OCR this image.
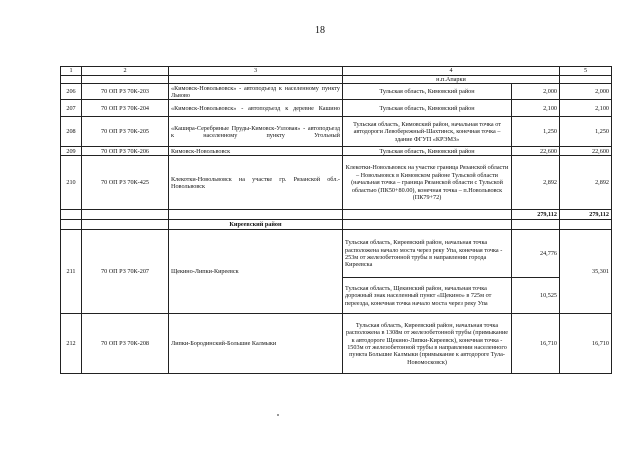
18
1	2	3	4		5
			н.п.Апарки		
206	70 ОП РЗ 70К-203	«Кимовск-Новольвовск» - автоподъезд к населенному пункту Львово	Тульская область, Кимовский район	2,000	2,000
207	70 ОП РЗ 70К-204	«Кимовск-Новольвовск» - автоподъезд к деревне Кашино	Тульская область, Кимовский район	2,100	2,100
208	70 ОП РЗ 70К-205	«Кашира-Серебряные Пруды-Кимовск-Узловая» - автоподъезд к населенному пункту Угольный	Тульская область, Кимовский район, начальная точка от автодороги Левобережный-Шахтинск, конечная точка – здание ФГУП «КРЭМЗ»	1,250	1,250
209	70 ОП РЗ 70К-206	Кимовск-Новольвовск	Тульская область, Кимовский район	22,600	22,600
210	70 ОП РЗ 70К-425	Клекотки-Новольвовск на участке гр. Рязанской обл.-Новольвовск	Клекотки-Новольвовск на участке граница Рязанской области – Новольвовск в Кимовском районе Тульской области (начальная точка – граница Рязанской области с Тульской областью (ПК50+80.00), конечная точка – п.Новольвовск (ПК79+72)	2,892	2,892
				279,112	279,112
		Киреевский район			
211	70 ОП РЗ 70К-207	Щекино-Липки-Киреевск	Тульская область, Киреевский район, начальная точка расположена начало моста через реку Упа, конечная точка - 253м от железобетонной трубы в направлении города Киреевска	24,776	35,301
			Тульская область, Щекинский район, начальная точка дорожный знак населенный пункт «Щекино» в 725м от переезда, конечная точка начало моста через реку Упа	10,525	
212	70 ОП РЗ 70К-208	Липки-Бородинский-Большие Калмыки	Тульская область, Киреевский район, начальная точка расположена в 1308м от железобетонной трубы (примыкание к автодороге Щекино-Липки-Киреевск), конечная точка - 1503м от железобетонной трубы в направлении населенного пункта Большие Калмыки (примыкание к автодороге Тула-Новомосковск)	16,710	16,710
